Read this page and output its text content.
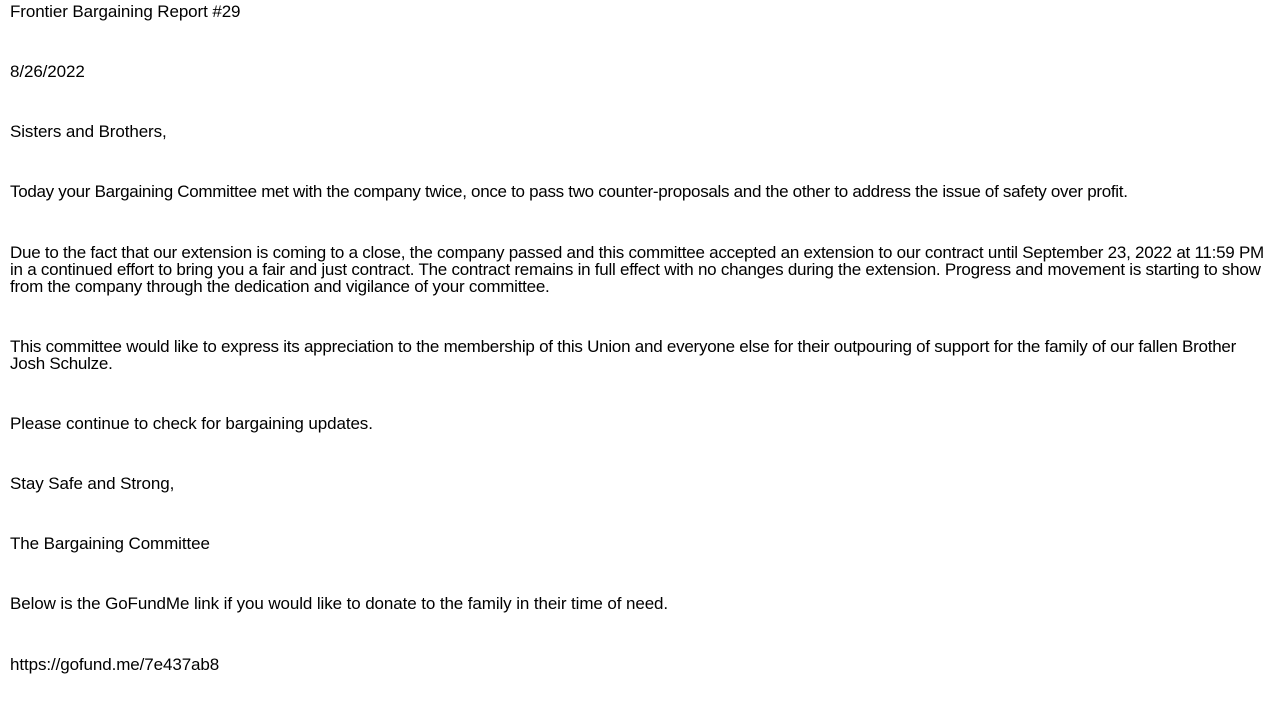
Frontier Bargaining Report #29
8/26/2022
Sisters and Brothers,
Today your Bargaining Committee met with the company twice, once to pass two counter-proposals and the other to address the issue of safety over profit.
Due to the fact that our extension is coming to a close, the company passed and this committee accepted an extension to our contract until September 23, 2022 at 11:59 PM in a continued effort to bring you a fair and just contract. The contract remains in full effect with no changes during the extension. Progress and movement is starting to show from the company through the dedication and vigilance of your committee.
This committee would like to express its appreciation to the membership of this Union and everyone else for their outpouring of support for the family of our fallen Brother Josh Schulze.
Please continue to check for bargaining updates.
Stay Safe and Strong,
The Bargaining Committee
Below is the GoFundMe link if you would like to donate to the family in their time of need.
https://gofund.me/7e437ab8
